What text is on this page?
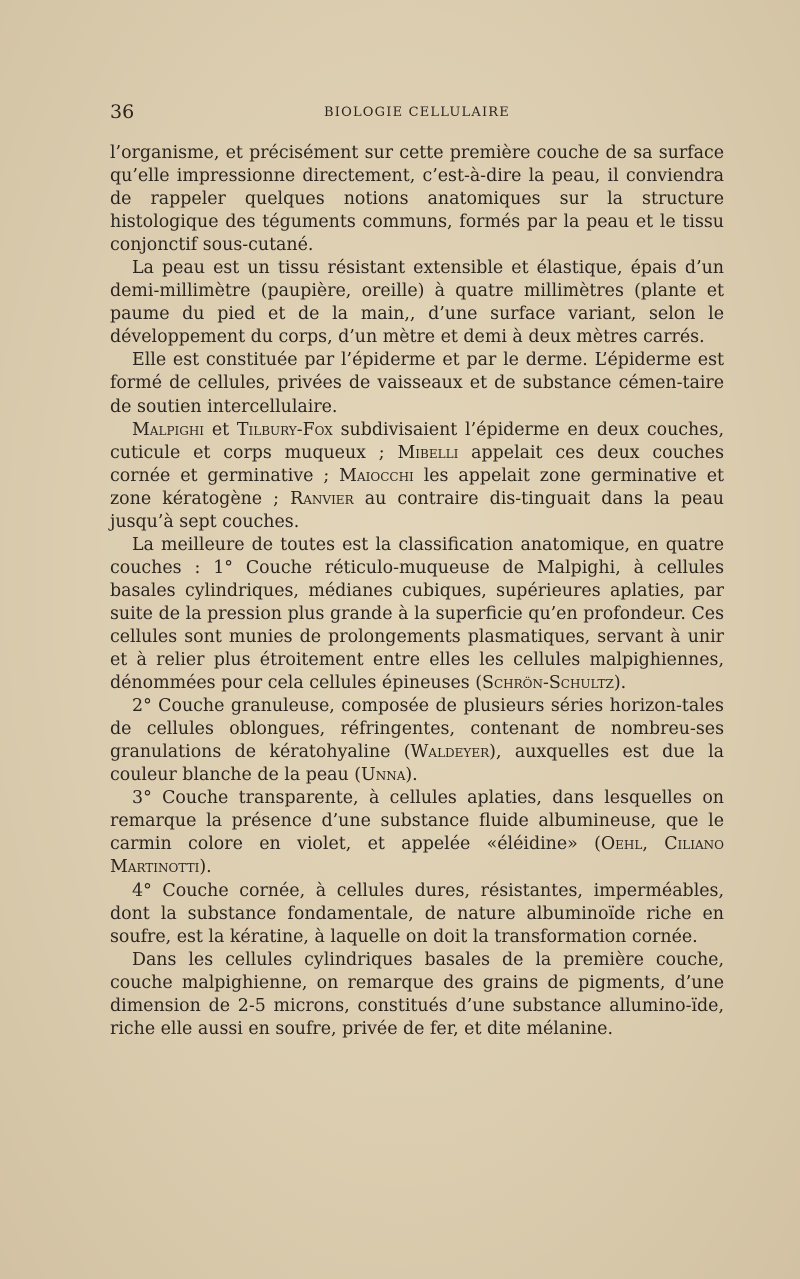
36	BIOLOGIE CELLULAIRE

l’organisme, et précisément sur cette première couche de sa surface qu’elle impressionne directement, c’est-à-dire la peau, il conviendra de rappeler quelques notions anatomiques sur la structure histologique des téguments communs, formés par la peau et le tissu conjonctif sous-cutané.

La peau est un tissu résistant extensible et élastique, épais d’un demi-millimètre (paupière, oreille) à quatre millimètres (plante et paume du pied et de la main,, d’une surface variant, selon le développement du corps, d’un mètre et demi à deux mètres carrés.

Elle est constituée par l’épiderme et par le derme. L’épiderme est formé de cellules, privées de vaisseaux et de substance cémen-taire de soutien intercellulaire.

Malpighi et Tilbury-Fox subdivisaient l’épiderme en deux couches, cuticule et corps muqueux ; Mibelli appelait ces deux couches cornée et germinative ; Maiocchi les appelait zone germinative et zone kératogène ; Ranvier au contraire dis-tinguait dans la peau jusqu’à sept couches.

La meilleure de toutes est la classification anatomique, en quatre couches : 1° Couche réticulo-muqueuse de Malpighi, à cellules basales cylindriques, médianes cubiques, supérieures aplaties, par suite de la pression plus grande à la superficie qu’en profondeur. Ces cellules sont munies de prolongements plasmatiques, servant à unir et à relier plus étroitement entre elles les cellules malpighiennes, dénommées pour cela cellules épineuses (Schrön-Schultz).

2° Couche granuleuse, composée de plusieurs séries horizon-tales de cellules oblongues, réfringentes, contenant de nombreu-ses granulations de kératohyaline (Waldeyer), auxquelles est due la couleur blanche de la peau (Unna).

3° Couche transparente, à cellules aplaties, dans lesquelles on remarque la présence d’une substance fluide albumineuse, que le carmin colore en violet, et appelée «éléidine» (Oehl, Ciliano Martinotti).

4° Couche cornée, à cellules dures, résistantes, imperméables, dont la substance fondamentale, de nature albuminoïde riche en soufre, est la kératine, à laquelle on doit la transformation cornée.

Dans les cellules cylindriques basales de la première couche, couche malpighienne, on remarque des grains de pigments, d’une dimension de 2-5 microns, constitués d’une substance allumino-ïde, riche elle aussi en soufre, privée de fer, et dite mélanine.
